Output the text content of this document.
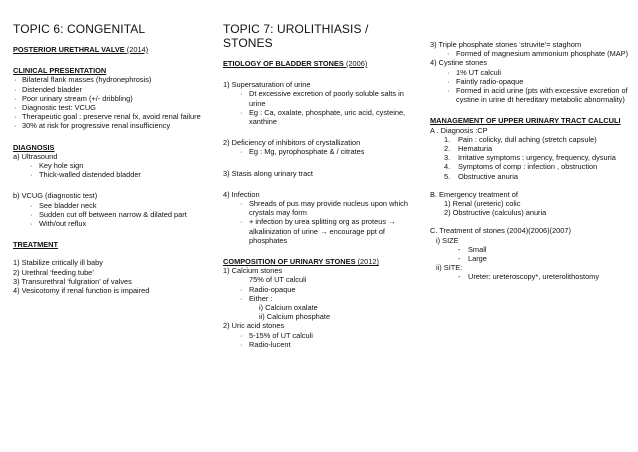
TOPIC 6: CONGENITAL

POSTERIOR URETHRAL VALVE (2014)

CLINICAL PRESENTATION

· Bilateral flank masses (hydronephrosis)

· Distended bladder

· Poor urinary stream (+/- dribbling)

· Diagnostic test: VCUG

· Therapeutic goal : preserve renal fx, avoid renal failure

· 30% at risk for progressive renal insufficiency

DIAGNOSIS

a) Ultrasound

· Key hole sign

· Thick-walled distended bladder

b) VCUG (diagnostic test)

· See bladder neck

· Sudden cut off between narrow & dilated part

· With/out reflux

TREATMENT

1) Stabilize critically ill baby

2) Urethral ‘feeding tube’

3) Transurethral ‘fulgration’ of valves

4) Vesicotomy if renal function is impaired

TOPIC 7: UROLITHIASIS / STONES

ETIOLOGY OF BLADDER STONES (2006)

1) Supersaturation of urine

· Dt excessive excretion of poorly soluble salts in urine

· Eg : Ca, oxalate, phosphate, uric acid, cysteine, xanthine

2) Deficiency of inhibitors of crystallization

· Eg : Mg, pyrophosphate & / citrates

3) Stasis along urinary tract

4) Infection

· Shreads of pus may provide nucleus upon which crystals may form

· + infection by urea splitting org as proteus → alkalinization of urine → encourage ppt of phosphates

COMPOSITION OF URINARY STONES (2012)

1) Calcium stones

75% of UT calculi

· Radio-opaque

· Either :

i) Calcium oxalate

ii) Calcium phosphate

2) Uric acid stones

· 5-15% of UT calculi

· Radio-lucent

3) Triple phosphate stones ‘struvite’= staghorn

· Formed of magnesium ammonium phosphate (MAP)

4) Cystine stones

· 1% UT calculi

· Faintly radio-opaque

· Formed in acid urine (pts with excessive excretion of cystine in urine dt hereditary metabolic abnormality)

MANAGEMENT OF UPPER URINARY TRACT CALCULI

A . Diagnosis :CP

1. Pain : colicky, dull aching (stretch capsule)

2. Hematuria

3. Irritative symptoms : urgency, frequency, dysuria

4. Symptoms of comp : infection , obstruction

5. Obstructive anuria

B. Emergency treatment of

1) Renal (ureteric) colic

2) Obstructive (calculus) anuria

C. Treatment of stones (2004)(2006)(2007)

i) SIZE

- Small

- Large

ii) SITE:

- Ureter: ureteroscopy*, ureterolithostomy
